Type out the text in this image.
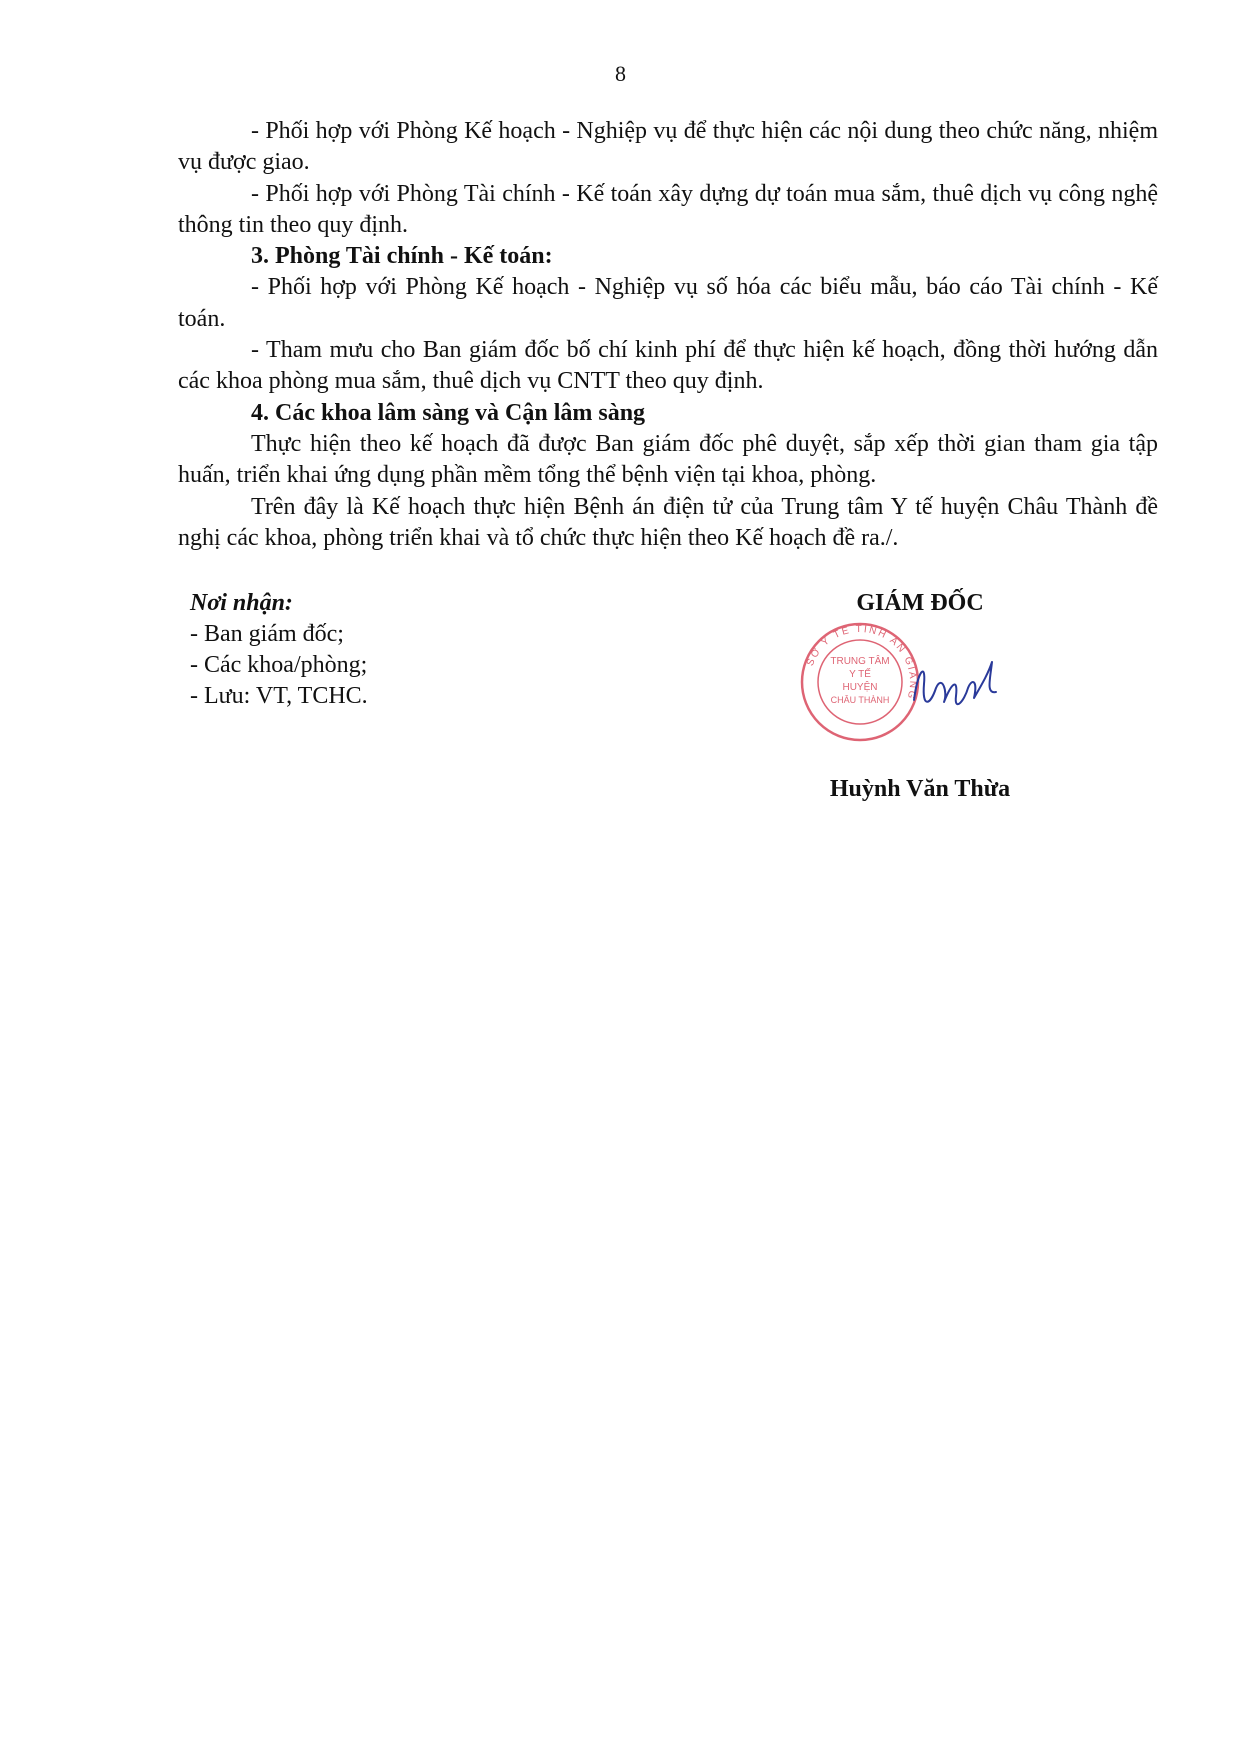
8

- Phối hợp với Phòng Kế hoạch - Nghiệp vụ để thực hiện các nội dung theo chức năng, nhiệm vụ được giao.

- Phối hợp với Phòng Tài chính - Kế toán xây dựng dự toán mua sắm, thuê dịch vụ công nghệ thông tin theo quy định.

3. Phòng Tài chính - Kế toán:

- Phối hợp với Phòng Kế hoạch - Nghiệp vụ số hóa các biểu mẫu, báo cáo Tài chính - Kế toán.

- Tham mưu cho Ban giám đốc bố chí kinh phí để thực hiện kế hoạch, đồng thời hướng dẫn các khoa phòng mua sắm, thuê dịch vụ CNTT theo quy định.

4. Các khoa lâm sàng và Cận lâm sàng

Thực hiện theo kế hoạch đã được Ban giám đốc phê duyệt, sắp xếp thời gian tham gia tập huấn, triển khai ứng dụng phần mềm tổng thể bệnh viện tại khoa, phòng.

Trên đây là Kế hoạch thực hiện Bệnh án điện tử của Trung tâm Y tế huyện Châu Thành đề nghị các khoa, phòng triển khai và tổ chức thực hiện theo Kế hoạch đề ra./.

Nơi nhận:

- Ban giám đốc;

- Các khoa/phòng;

- Lưu: VT, TCHC.

GIÁM ĐỐC

SỞ Y TẾ TỈNH AN GIANG
TRUNG TÂM
Y TẾ
HUYỆN
CHÂU THÀNH

Huỳnh Văn Thừa
